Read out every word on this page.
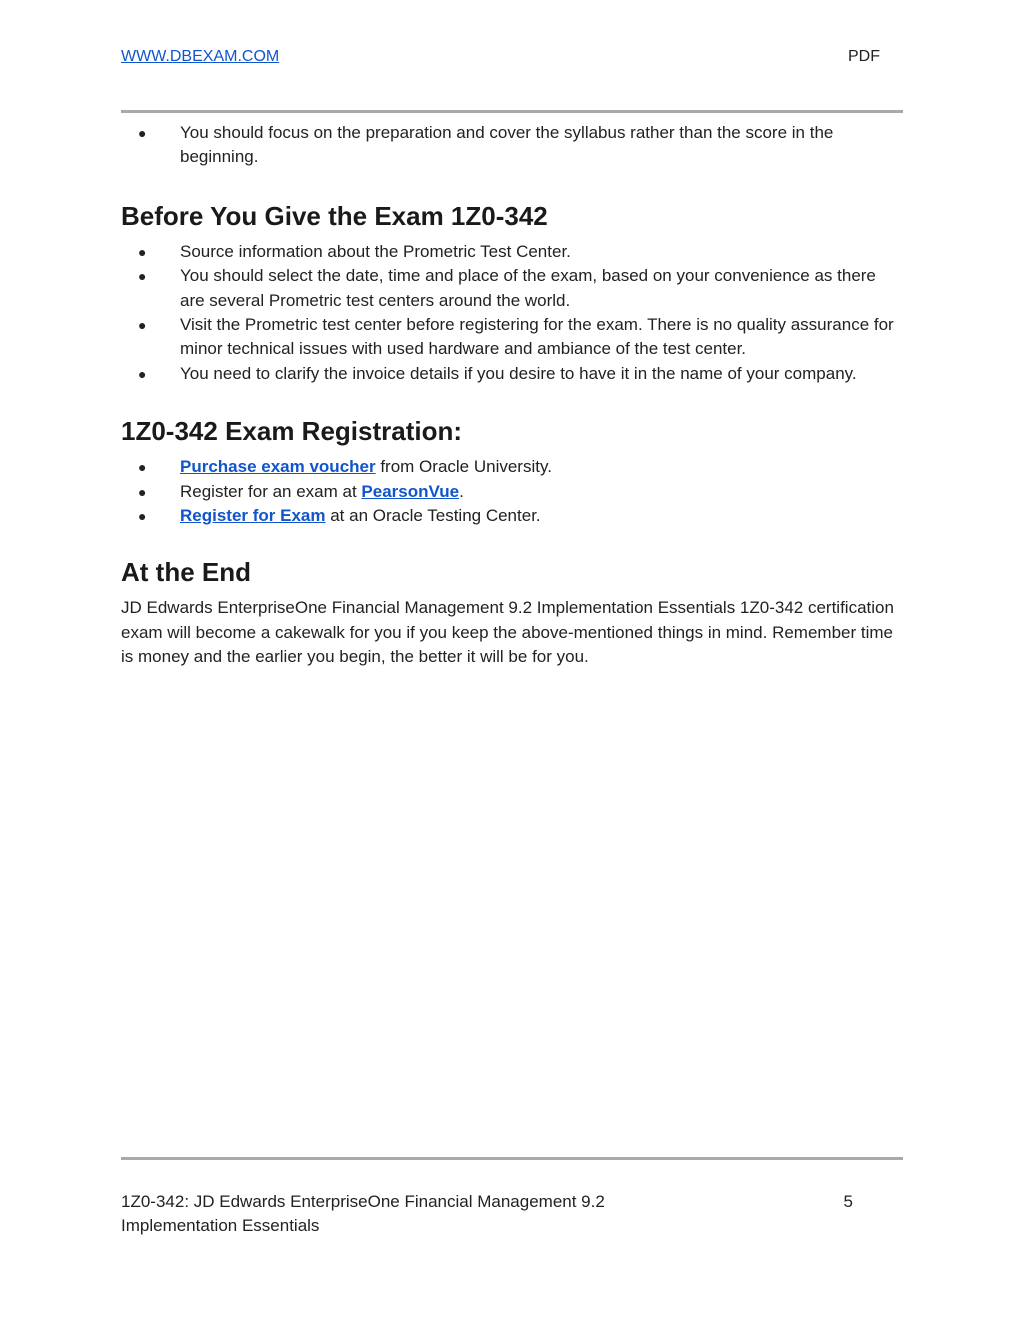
WWW.DBEXAM.COM	PDF
● You should focus on the preparation and cover the syllabus rather than the score in the beginning.
Before You Give the Exam 1Z0-342
● Source information about the Prometric Test Center.
● You should select the date, time and place of the exam, based on your convenience as there are several Prometric test centers around the world.
● Visit the Prometric test center before registering for the exam. There is no quality assurance for minor technical issues with used hardware and ambiance of the test center.
● You need to clarify the invoice details if you desire to have it in the name of your company.
1Z0-342 Exam Registration:
● Purchase exam voucher from Oracle University.
● Register for an exam at PearsonVue.
● Register for Exam at an Oracle Testing Center.
At the End

JD Edwards EnterpriseOne Financial Management 9.2 Implementation Essentials 1Z0-342 certification exam will become a cakewalk for you if you keep the above-mentioned things in mind. Remember time is money and the earlier you begin, the better it will be for you.

1Z0-342: JD Edwards EnterpriseOne Financial Management 9.2 Implementation Essentials
5
